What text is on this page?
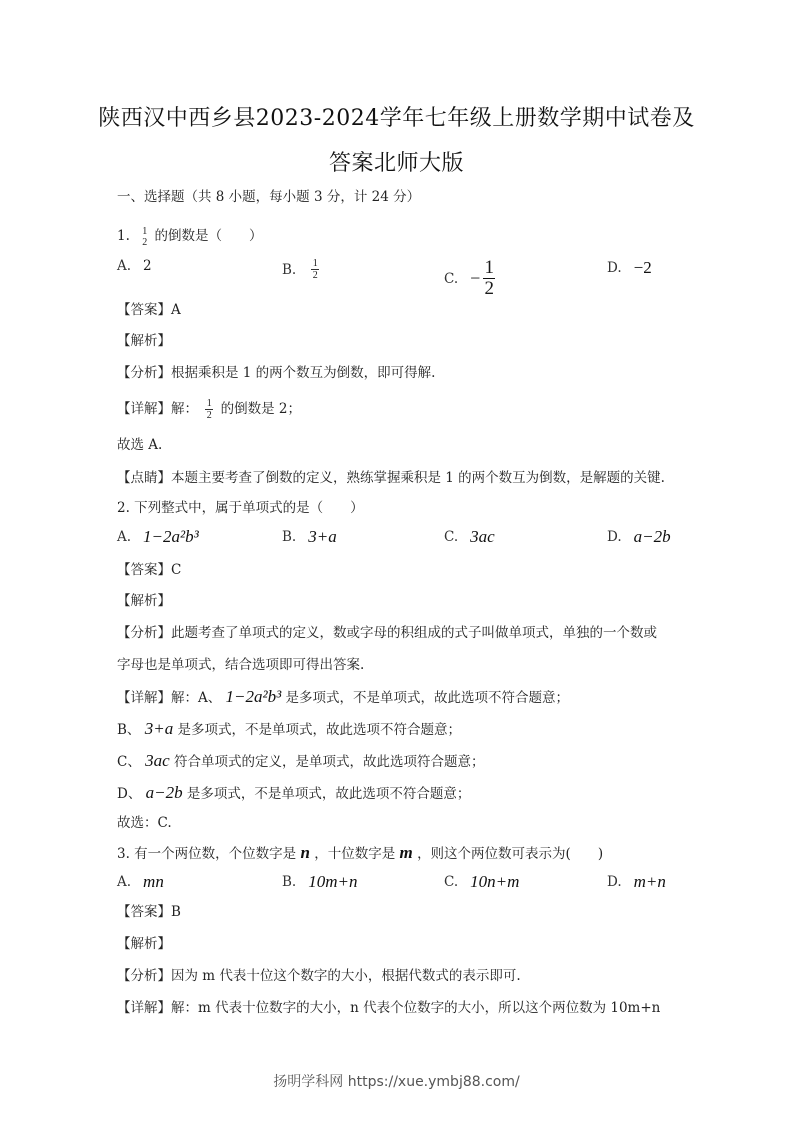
陕西汉中西乡县2023-2024学年七年级上册数学期中试卷及
答案北师大版
一、选择题（共 8 小题，每小题 3 分，计 24 分）
1. 1
2 的倒数是（　　）
A. 2	B. $\frac{1}{2}$	C. − $\frac{1}{2}$	D. −2
【答案】A
【解析】
【分析】根据乘积是 1 的两个数互为倒数，即可得解.
【详解】解： $\frac{1}{2}$ 的倒数是 2；
故选 A.
【点睛】本题主要考查了倒数的定义，熟练掌握乘积是 1 的两个数互为倒数，是解题的关键.
2. 下列整式中，属于单项式的是（　　）
A. 1−2a²b³	B. 3+a	C. 3ac	D. a−2b
【答案】C
【解析】
【分析】此题考查了单项式的定义，数或字母的积组成的式子叫做单项式，单独的一个数或
字母也是单项式，结合选项即可得出答案.
【详解】解：A、 1−2a²b³ 是多项式，不是单项式，故此选项不符合题意；
B、 3+a 是多项式，不是单项式，故此选项不符合题意；
C、 3ac 符合单项式的定义，是单项式，故此选项符合题意；
D、 a−2b 是多项式，不是单项式，故此选项不符合题意；
故选：C.
3. 有一个两位数，个位数字是 n ，十位数字是 m ，则这个两位数可表示为(　　)
A. mn	B. 10m+n	C. 10n+m	D. m+n
【答案】B
【解析】
【分析】因为 m 代表十位这个数字的大小，根据代数式的表示即可.
【详解】解：m 代表十位数字的大小，n 代表个位数字的大小，所以这个两位数为 10m+n
扬明学科网 https://xue.ymbj88.com/
